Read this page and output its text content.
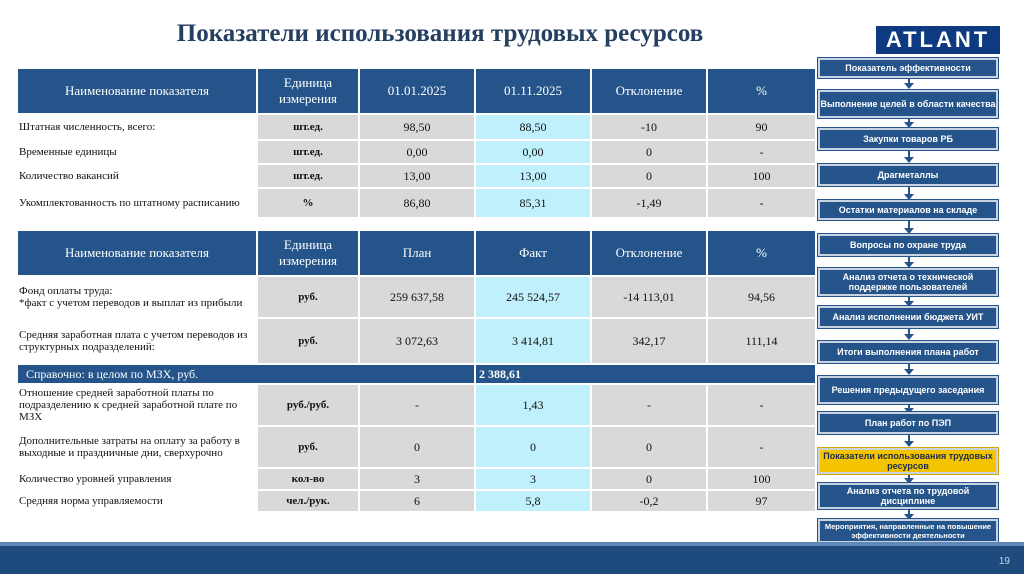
Показатели использования трудовых ресурсов	ATLANT
Наименование показателя	Единица измерения	01.01.2025	01.11.2025	Отклонение	%
Штатная численность, всего:	шт.ед.	98,50	88,50	-10	90
Временные единицы	шт.ед.	0,00	0,00	0	-
Количество вакансий	шт.ед.	13,00	13,00	0	100
Укомплектованность по штатному расписанию	%	86,80	85,31	-1,49	-
Наименование показателя	Единица измерения	План	Факт	Отклонение	%
Фонд оплаты труда:
*факт с учетом переводов и выплат из прибыли	руб.	259 637,58	245 524,57	-14 113,01	94,56
Средняя заработная плата с учетом переводов из структурных подразделений:	руб.	3 072,63	3 414,81	342,17	111,14
Справочно: в целом по МЗХ, руб.			2 388,61		
Отношение средней заработной платы по подразделению к средней заработной плате по МЗХ	руб./руб.	-	1,43	-	-
Дополнительные затраты на оплату за работу в выходные и праздничные дни, сверхурочно	руб.	0	0	0	-
Количество уровней управления	кол-во	3	3	0	100
Средняя норма управляемости	чел./рук.	6	5,8	-0,2	97
Показатель эффективности
Выполнение целей в области качества
Закупки товаров РБ
Драгметаллы
Остатки материалов на складе
Вопросы по охране труда
Анализ отчета о технической поддержке пользователей
Анализ исполнении бюджета УИТ
Итоги выполнения плана работ
Решения предыдущего заседания
План работ по ПЭП
Показатели использования трудовых ресурсов
Анализ отчета по трудовой дисциплине
Мероприятия, направленные на повышение эффективности деятельности
19
